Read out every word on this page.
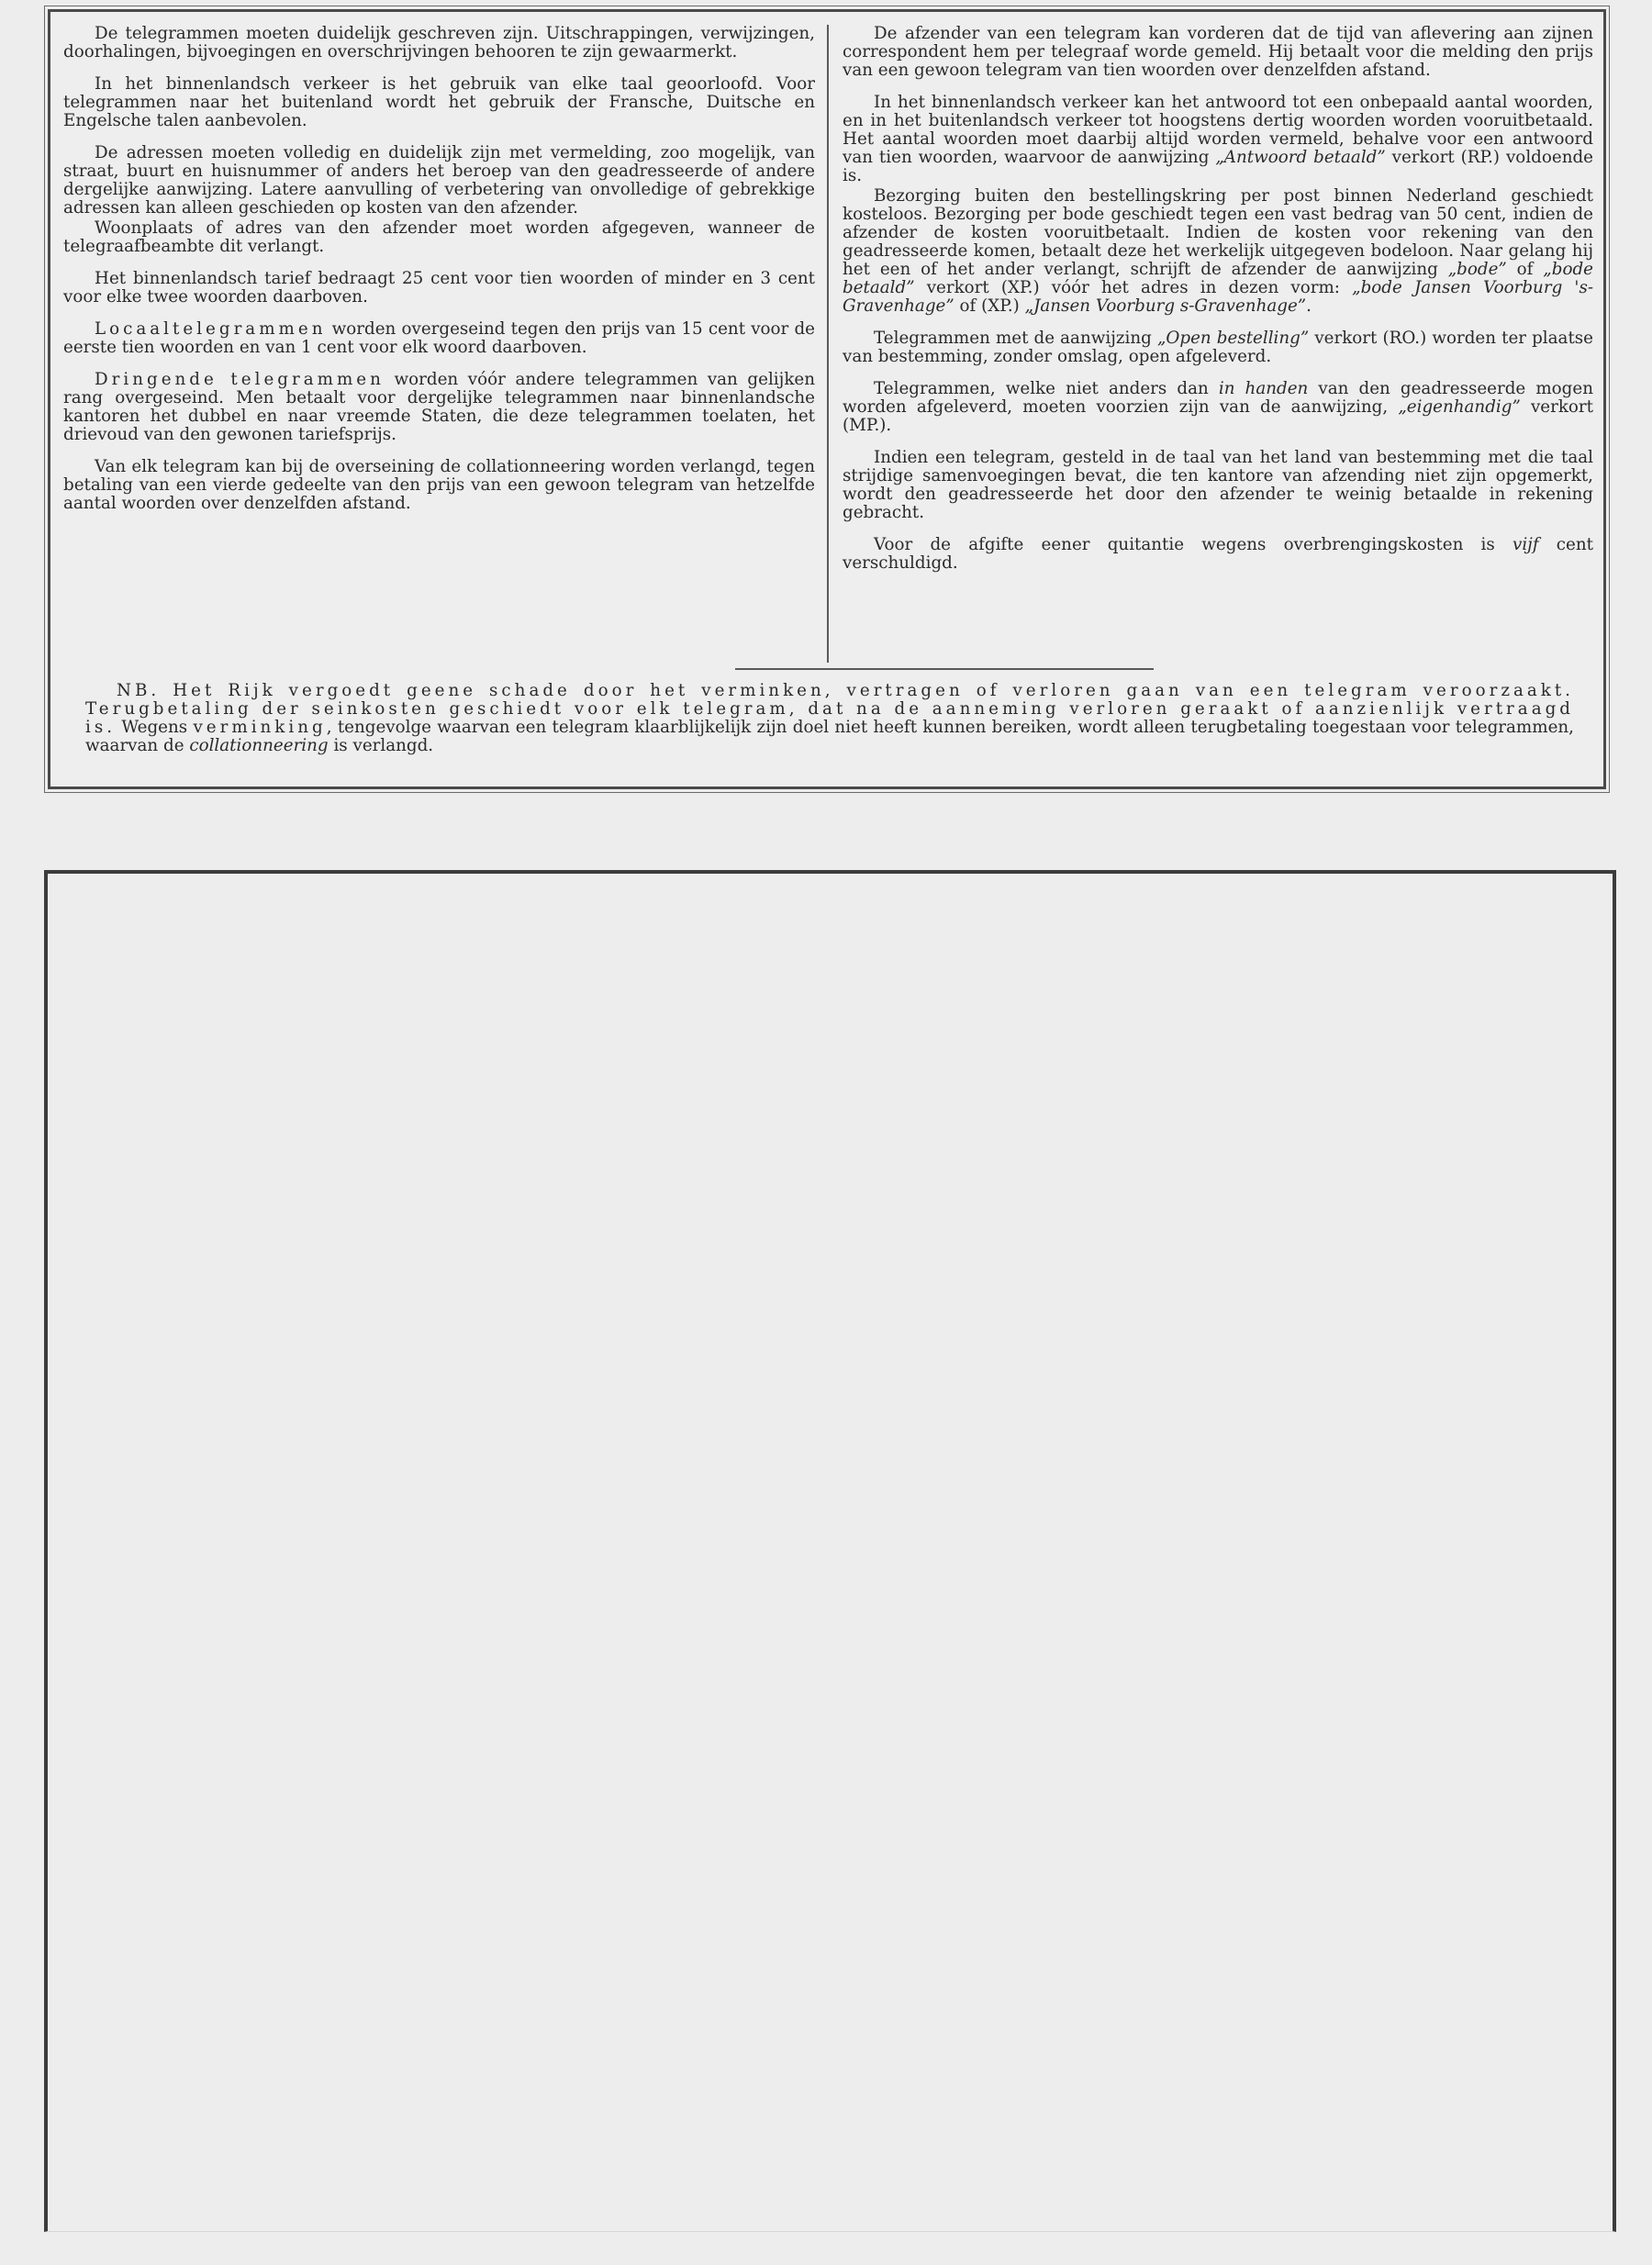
De telegrammen moeten duidelijk geschreven zijn. Uitschrappingen, verwijzingen, doorhalingen, bijvoegingen en overschrijvingen behooren te zijn gewaarmerkt.

In het binnenlandsch verkeer is het gebruik van elke taal geoorloofd. Voor telegrammen naar het buitenland wordt het gebruik der Fransche, Duitsche en Engelsche talen aanbevolen.

De adressen moeten volledig en duidelijk zijn met vermelding, zoo mogelijk, van straat, buurt en huisnummer of anders het beroep van den geadresseerde of andere dergelijke aanwijzing. Latere aanvulling of verbetering van onvolledige of gebrekkige adressen kan alleen geschieden op kosten van den afzender.

Woonplaats of adres van den afzender moet worden afgegeven, wanneer de telegraafbeambte dit verlangt.

Het binnenlandsch tarief bedraagt 25 cent voor tien woorden of minder en 3 cent voor elke twee woorden daarboven.

Locaaltelegrammen worden overgeseind tegen den prijs van 15 cent voor de eerste tien woorden en van 1 cent voor elk woord daarboven.

Dringende telegrammen worden vóór andere telegrammen van gelijken rang overgeseind. Men betaalt voor dergelijke telegrammen naar binnenlandsche kantoren het dubbel en naar vreemde Staten, die deze telegrammen toelaten, het drievoud van den gewonen tariefsprijs.

Van elk telegram kan bij de overseining de collationneering worden verlangd, tegen betaling van een vierde gedeelte van den prijs van een gewoon telegram van hetzelfde aantal woorden over denzelfden afstand.

De afzender van een telegram kan vorderen dat de tijd van aflevering aan zijnen correspondent hem per telegraaf worde gemeld. Hij betaalt voor die melding den prijs van een gewoon telegram van tien woorden over denzelfden afstand.

In het binnenlandsch verkeer kan het antwoord tot een onbepaald aantal woorden, en in het buitenlandsch verkeer tot hoogstens dertig woorden worden vooruitbetaald. Het aantal woorden moet daarbij altijd worden vermeld, behalve voor een antwoord van tien woorden, waarvoor de aanwijzing „Antwoord betaald” verkort (RP.) voldoende is.

Bezorging buiten den bestellingskring per post binnen Nederland geschiedt kosteloos. Bezorging per bode geschiedt tegen een vast bedrag van 50 cent, indien de afzender de kosten vooruitbetaalt. Indien de kosten voor rekening van den geadresseerde komen, betaalt deze het werkelijk uitgegeven bodeloon. Naar gelang hij het een of het ander verlangt, schrijft de afzender de aanwijzing „bode” of „bode betaald” verkort (XP.) vóór het adres in dezen vorm: „bode Jansen Voorburg 's-Gravenhage” of (XP.) „Jansen Voorburg s-Gravenhage”.

Telegrammen met de aanwijzing „Open bestelling” verkort (RO.) worden ter plaatse van bestemming, zonder omslag, open afgeleverd.

Telegrammen, welke niet anders dan in handen van den geadresseerde mogen worden afgeleverd, moeten voorzien zijn van de aanwijzing, „eigenhandig” verkort (MP.).

Indien een telegram, gesteld in de taal van het land van bestemming met die taal strijdige samenvoegingen bevat, die ten kantore van afzending niet zijn opgemerkt, wordt den geadresseerde het door den afzender te weinig betaalde in rekening gebracht.

Voor de afgifte eener quitantie wegens overbrengingskosten is vijf cent verschuldigd.

NB. Het Rijk vergoedt geene schade door het verminken, vertragen of verloren gaan van een telegram veroorzaakt. Terugbetaling der seinkosten geschiedt voor elk telegram, dat na de aanneming verloren geraakt of aanzienlijk vertraagd is. Wegens verminking, tengevolge waarvan een telegram klaarblijkelijk zijn doel niet heeft kunnen bereiken, wordt alleen terugbetaling toegestaan voor telegrammen, waarvan de collationneering is verlangd.
